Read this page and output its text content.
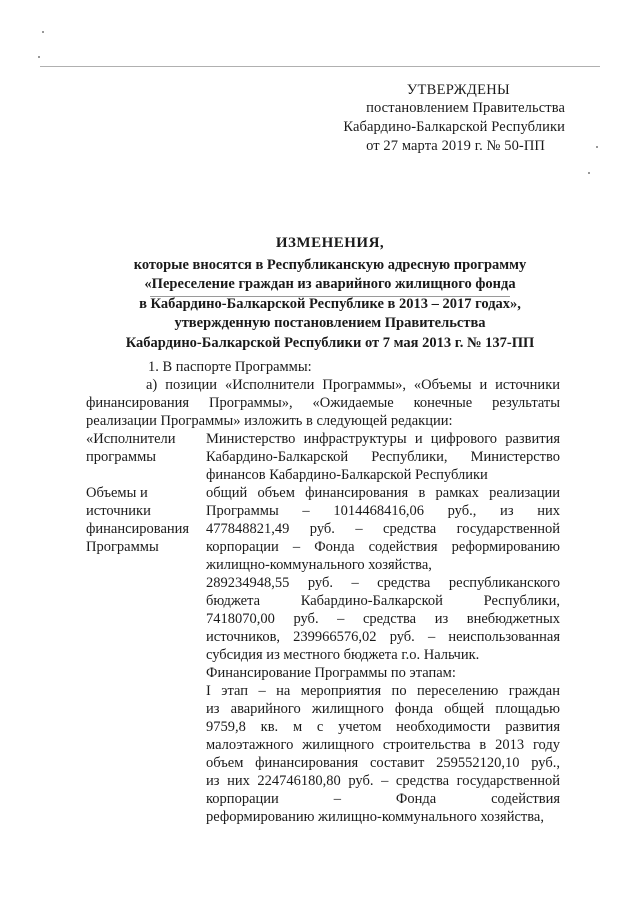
УТВЕРЖДЕНЫ
постановлением Правительства
Кабардино-Балкарской Республики
от 27 марта 2019 г. № 50-ПП
ИЗМЕНЕНИЯ,
которые вносятся в Республиканскую адресную программу
«Переселение граждан из аварийного жилищного фонда
в Кабардино-Балкарской Республике в 2013 – 2017 годах»,
утвержденную постановлением Правительства
Кабардино-Балкарской Республики от 7 мая 2013 г. № 137-ПП
1. В паспорте Программы:
а) позиции «Исполнители Программы», «Объемы и источники
финансирования Программы», «Ожидаемые конечные результаты
реализации Программы» изложить в следующей редакции:
«Исполнители
программы
Министерство инфраструктуры и цифрового развития
Кабардино-Балкарской Республики, Министерство
финансов Кабардино-Балкарской Республики
Объемы и
источники
финансирования
Программы
общий объем финансирования в рамках реализации
Программы – 1014468416,06 руб., из них
477848821,49 руб. – средства государственной
корпорации – Фонда содействия реформированию
жилищно-коммунального хозяйства,
289234948,55 руб. – средства республиканского
бюджета Кабардино-Балкарской Республики,
7418070,00 руб. – средства из внебюджетных
источников, 239966576,02 руб. – неиспользованная
субсидия из местного бюджета г.о. Нальчик.
Финансирование Программы по этапам:
I этап – на мероприятия по переселению граждан
из аварийного жилищного фонда общей площадью
9759,8 кв. м с учетом необходимости развития
малоэтажного жилищного строительства в 2013 году
объем финансирования составит 259552120,10 руб.,
из них 224746180,80 руб. – средства государственной
корпорации – Фонда содействия
реформированию жилищно-коммунального хозяйства,
